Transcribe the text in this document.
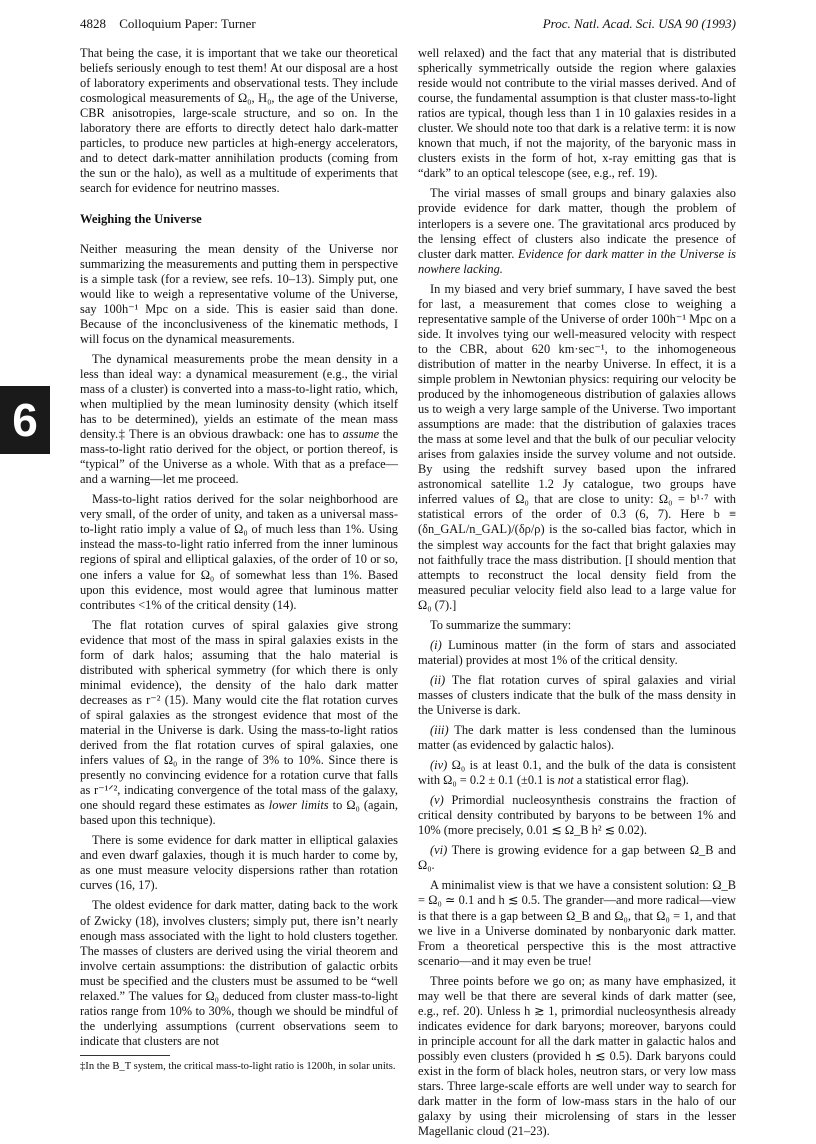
4828 Colloquium Paper: Turner	Proc. Natl. Acad. Sci. USA 90 (1993)
6

That being the case, it is important that we take our theoretical beliefs seriously enough to test them! At our disposal are a host of laboratory experiments and observational tests. They include cosmological measurements of Ω₀, H₀, the age of the Universe, CBR anisotropies, large-scale structure, and so on. In the laboratory there are efforts to directly detect halo dark-matter particles, to produce new particles at high-energy accelerators, and to detect dark-matter annihilation products (coming from the sun or the halo), as well as a multitude of experiments that search for evidence for neutrino masses.

Weighing the Universe

Neither measuring the mean density of the Universe nor summarizing the measurements and putting them in perspective is a simple task (for a review, see refs. 10–13). Simply put, one would like to weigh a representative volume of the Universe, say 100h⁻¹ Mpc on a side. This is easier said than done. Because of the inconclusiveness of the kinematic methods, I will focus on the dynamical measurements.

The dynamical measurements probe the mean density in a less than ideal way: a dynamical measurement (e.g., the virial mass of a cluster) is converted into a mass-to-light ratio, which, when multiplied by the mean luminosity density (which itself has to be determined), yields an estimate of the mean mass density.‡ There is an obvious drawback: one has to assume the mass-to-light ratio derived for the object, or portion thereof, is “typical” of the Universe as a whole. With that as a preface—and a warning—let me proceed.

Mass-to-light ratios derived for the solar neighborhood are very small, of the order of unity, and taken as a universal mass-to-light ratio imply a value of Ω₀ of much less than 1%. Using instead the mass-to-light ratio inferred from the inner luminous regions of spiral and elliptical galaxies, of the order of 10 or so, one infers a value for Ω₀ of somewhat less than 1%. Based upon this evidence, most would agree that luminous matter contributes <1% of the critical density (14).

The flat rotation curves of spiral galaxies give strong evidence that most of the mass in spiral galaxies exists in the form of dark halos; assuming that the halo material is distributed with spherical symmetry (for which there is only minimal evidence), the density of the halo dark matter decreases as r⁻² (15). Many would cite the flat rotation curves of spiral galaxies as the strongest evidence that most of the material in the Universe is dark. Using the mass-to-light ratios derived from the flat rotation curves of spiral galaxies, one infers values of Ω₀ in the range of 3% to 10%. Since there is presently no convincing evidence for a rotation curve that falls as r⁻¹ᐟ², indicating convergence of the total mass of the galaxy, one should regard these estimates as lower limits to Ω₀ (again, based upon this technique).

There is some evidence for dark matter in elliptical galaxies and even dwarf galaxies, though it is much harder to come by, as one must measure velocity dispersions rather than rotation curves (16, 17).

The oldest evidence for dark matter, dating back to the work of Zwicky (18), involves clusters; simply put, there isn’t nearly enough mass associated with the light to hold clusters together. The masses of clusters are derived using the virial theorem and involve certain assumptions: the distribution of galactic orbits must be specified and the clusters must be assumed to be “well relaxed.” The values for Ω₀ deduced from cluster mass-to-light ratios range from 10% to 30%, though we should be mindful of the underlying assumptions (current observations seem to indicate that clusters are not

‡In the B_T system, the critical mass-to-light ratio is 1200h, in solar units.

well relaxed) and the fact that any material that is distributed spherically symmetrically outside the region where galaxies reside would not contribute to the virial masses derived. And of course, the fundamental assumption is that cluster mass-to-light ratios are typical, though less than 1 in 10 galaxies resides in a cluster. We should note too that dark is a relative term: it is now known that much, if not the majority, of the baryonic mass in clusters exists in the form of hot, x-ray emitting gas that is “dark” to an optical telescope (see, e.g., ref. 19).

The virial masses of small groups and binary galaxies also provide evidence for dark matter, though the problem of interlopers is a severe one. The gravitational arcs produced by the lensing effect of clusters also indicate the presence of cluster dark matter. Evidence for dark matter in the Universe is nowhere lacking.

In my biased and very brief summary, I have saved the best for last, a measurement that comes close to weighing a representative sample of the Universe of order 100h⁻¹ Mpc on a side. It involves tying our well-measured velocity with respect to the CBR, about 620 km·sec⁻¹, to the inhomogeneous distribution of matter in the nearby Universe. In effect, it is a simple problem in Newtonian physics: requiring our velocity be produced by the inhomogeneous distribution of galaxies allows us to weigh a very large sample of the Universe. Two important assumptions are made: that the distribution of galaxies traces the mass at some level and that the bulk of our peculiar velocity arises from galaxies inside the survey volume and not outside. By using the redshift survey based upon the infrared astronomical satellite 1.2 Jy catalogue, two groups have inferred values of Ω₀ that are close to unity: Ω₀ = b¹·⁷ with statistical errors of the order of 0.3 (6, 7). Here b ≡ (δn_GAL/n_GAL)/(δρ/ρ) is the so-called bias factor, which in the simplest way accounts for the fact that bright galaxies may not faithfully trace the mass distribution. [I should mention that attempts to reconstruct the local density field from the measured peculiar velocity field also lead to a large value for Ω₀ (7).]

To summarize the summary:

(i) Luminous matter (in the form of stars and associated material) provides at most 1% of the critical density.

(ii) The flat rotation curves of spiral galaxies and virial masses of clusters indicate that the bulk of the mass density in the Universe is dark.

(iii) The dark matter is less condensed than the luminous matter (as evidenced by galactic halos).

(iv) Ω₀ is at least 0.1, and the bulk of the data is consistent with Ω₀ = 0.2 ± 0.1 (±0.1 is not a statistical error flag).

(v) Primordial nucleosynthesis constrains the fraction of critical density contributed by baryons to be between 1% and 10% (more precisely, 0.01 ≲ Ω_B h² ≲ 0.02).

(vi) There is growing evidence for a gap between Ω_B and Ω₀.

A minimalist view is that we have a consistent solution: Ω_B = Ω₀ ≃ 0.1 and h ≲ 0.5. The grander—and more radical—view is that there is a gap between Ω_B and Ω₀, that Ω₀ = 1, and that we live in a Universe dominated by nonbaryonic dark matter. From a theoretical perspective this is the most attractive scenario—and it may even be true!

Three points before we go on; as many have emphasized, it may well be that there are several kinds of dark matter (see, e.g., ref. 20). Unless h ≳ 1, primordial nucleosynthesis already indicates evidence for dark baryons; moreover, baryons could in principle account for all the dark matter in galactic halos and possibly even clusters (provided h ≲ 0.5). Dark baryons could exist in the form of black holes, neutron stars, or very low mass stars. Three large-scale efforts are well under way to search for dark matter in the form of low-mass stars in the halo of our galaxy by using their microlensing of stars in the lesser Magellanic cloud (21–23).
